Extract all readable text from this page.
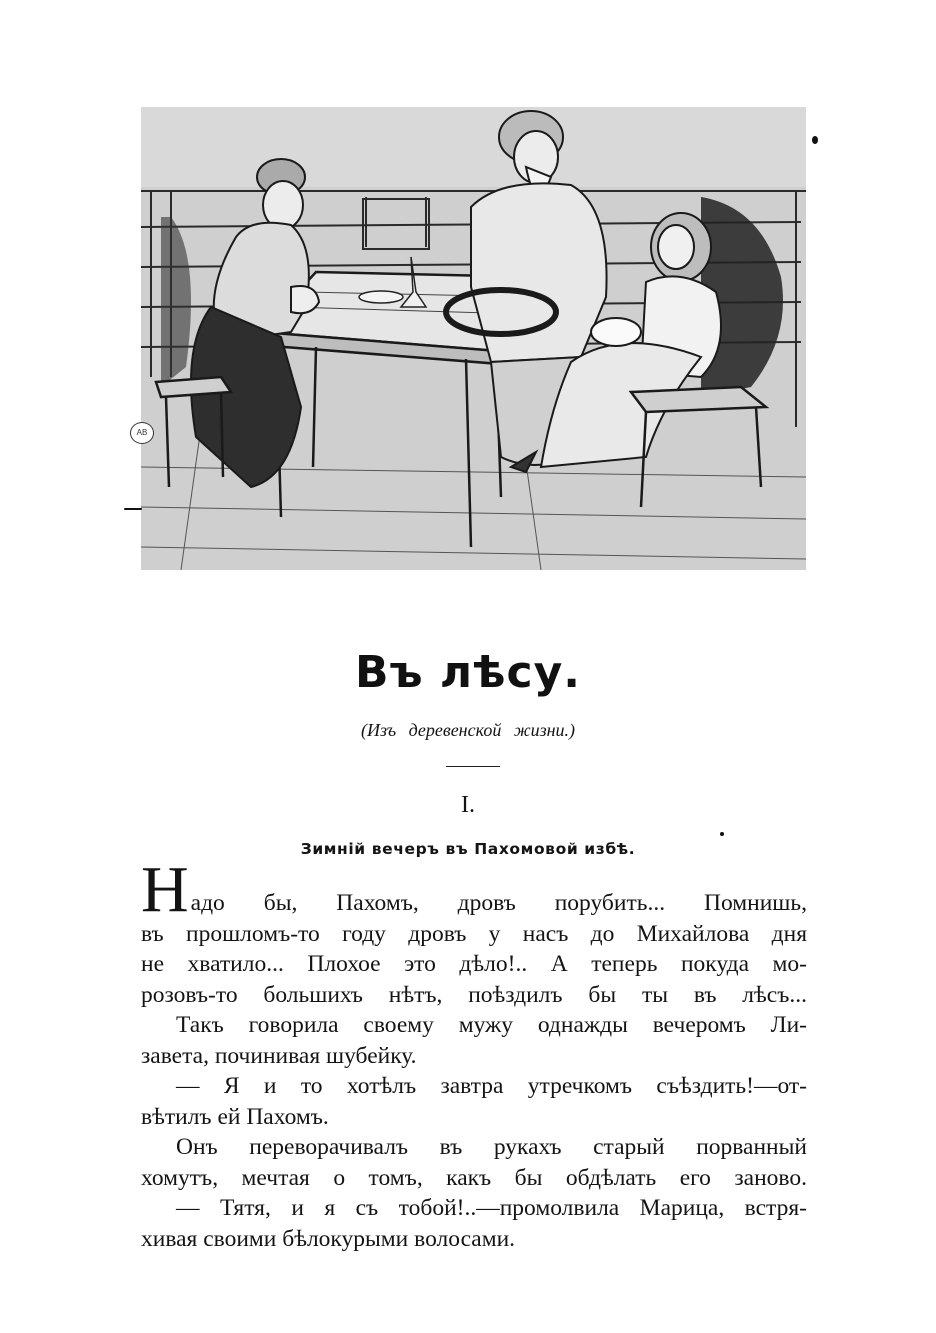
AB
Въ лѣсу.
(Изъ деревенской жизни.)
I.
Зимній вечеръ въ Пахомовой избѣ.
Н адо бы, Пахомъ, дровъ порубить... Помнишь,
въ прошломъ-то году дровъ у насъ до Михайлова дня
не хватило... Плохое это дѣло!.. А теперь покуда мо-
розовъ-то большихъ нѣтъ, поѣздилъ бы ты въ лѣсъ...
Такъ говорила своему мужу однажды вечеромъ Ли-
завета, починивая шубейку.
— Я и то хотѣлъ завтра утречкомъ съѣздить!—от-
вѣтилъ ей Пахомъ.
Онъ переворачивалъ въ рукахъ старый порванный
хомутъ, мечтая о томъ, какъ бы обдѣлать его заново.
— Тятя, и я съ тобой!..—промолвила Марица, встря-
хивая своими бѣлокурыми волосами.
